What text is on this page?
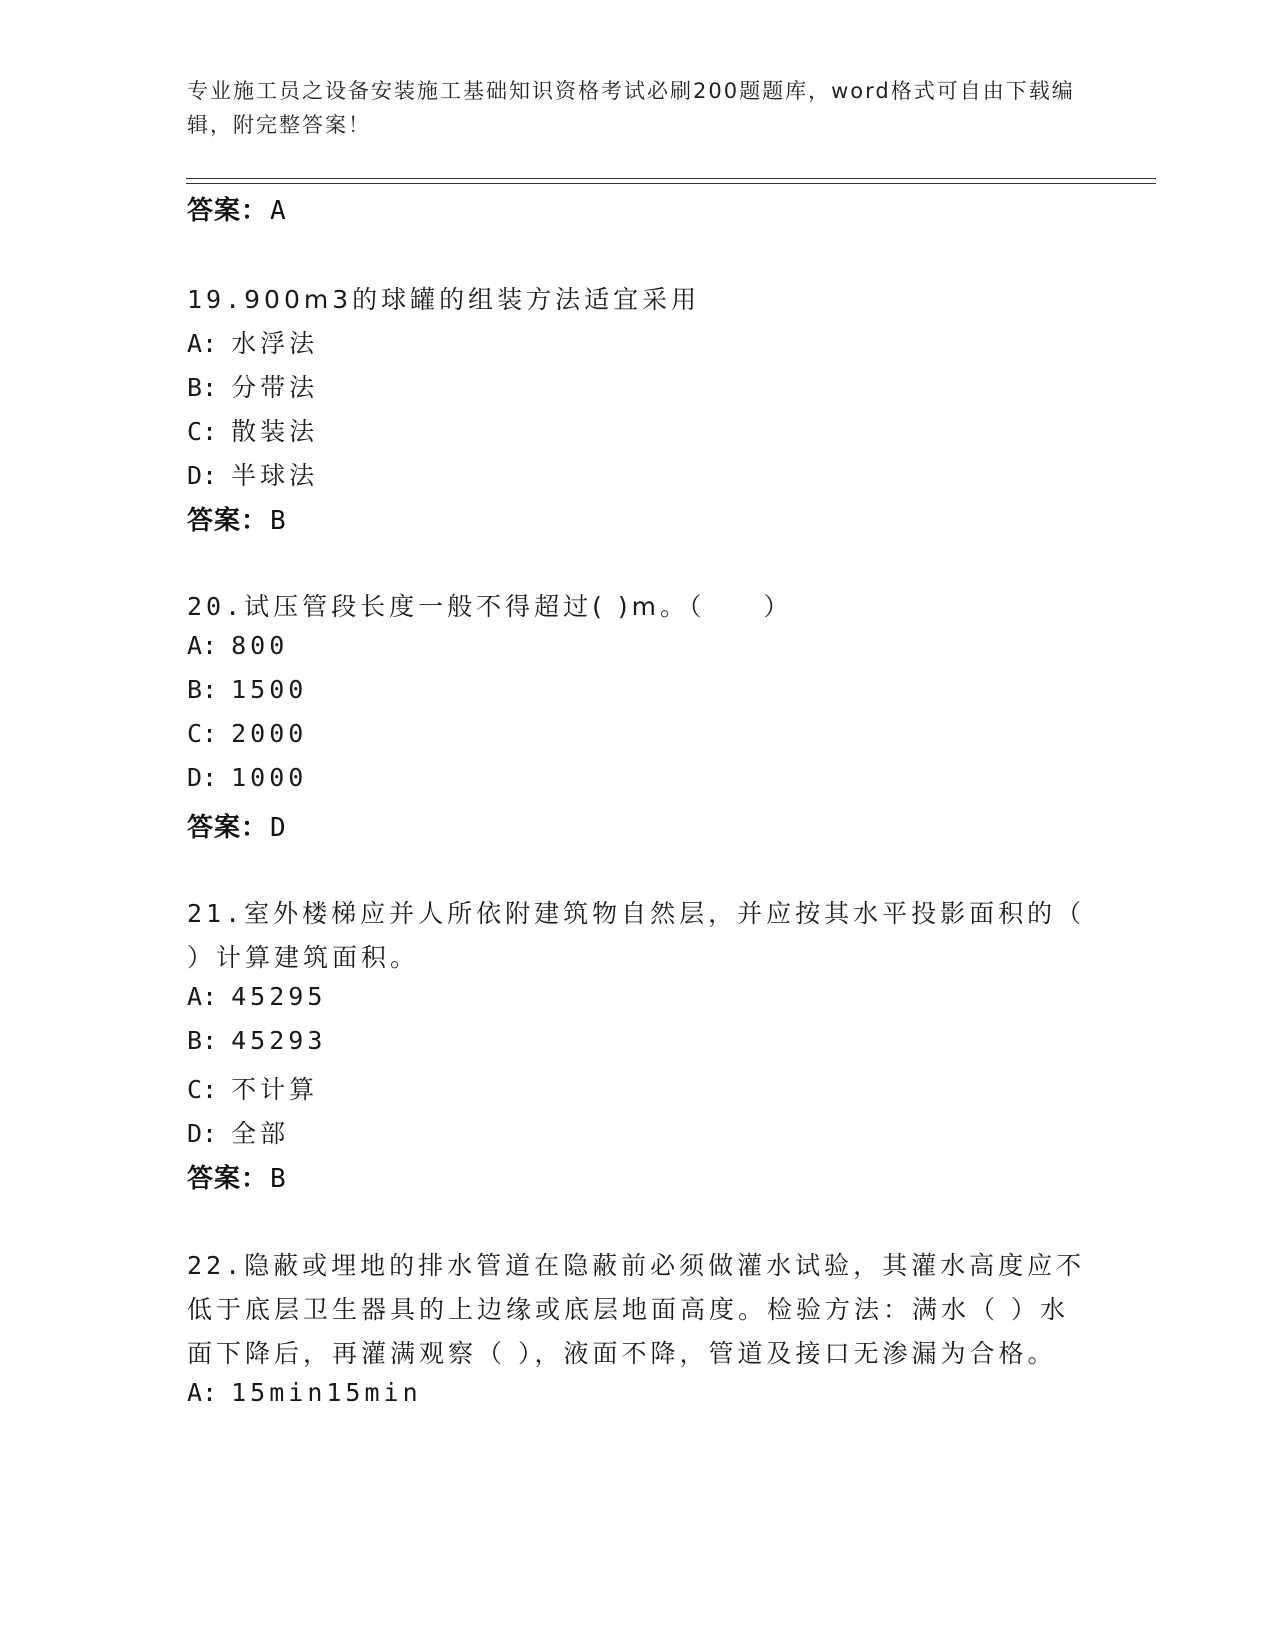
专业施工员之设备安装施工基础知识资格考试必刷200题题库，word格式可自由下载编辑，附完整答案！
答案：A
19.900m3的球罐的组装方法适宜采用
A: 水浮法
B: 分带法
C: 散装法
D: 半球法
答案：B
20.试压管段长度一般不得超过( )m。（　　）
A: 800
B: 1500
C: 2000
D: 1000
答案：D
21.室外楼梯应并人所依附建筑物自然层，并应按其水平投影面积的（
）计算建筑面积。
A: 45295
B: 45293
C: 不计算
D: 全部
答案：B
22.隐蔽或埋地的排水管道在隐蔽前必须做灌水试验，其灌水高度应不
低于底层卫生器具的上边缘或底层地面高度。检验方法：满水（ ）水
面下降后，再灌满观察（ ），液面不降，管道及接口无渗漏为合格。
A: 15min15min
